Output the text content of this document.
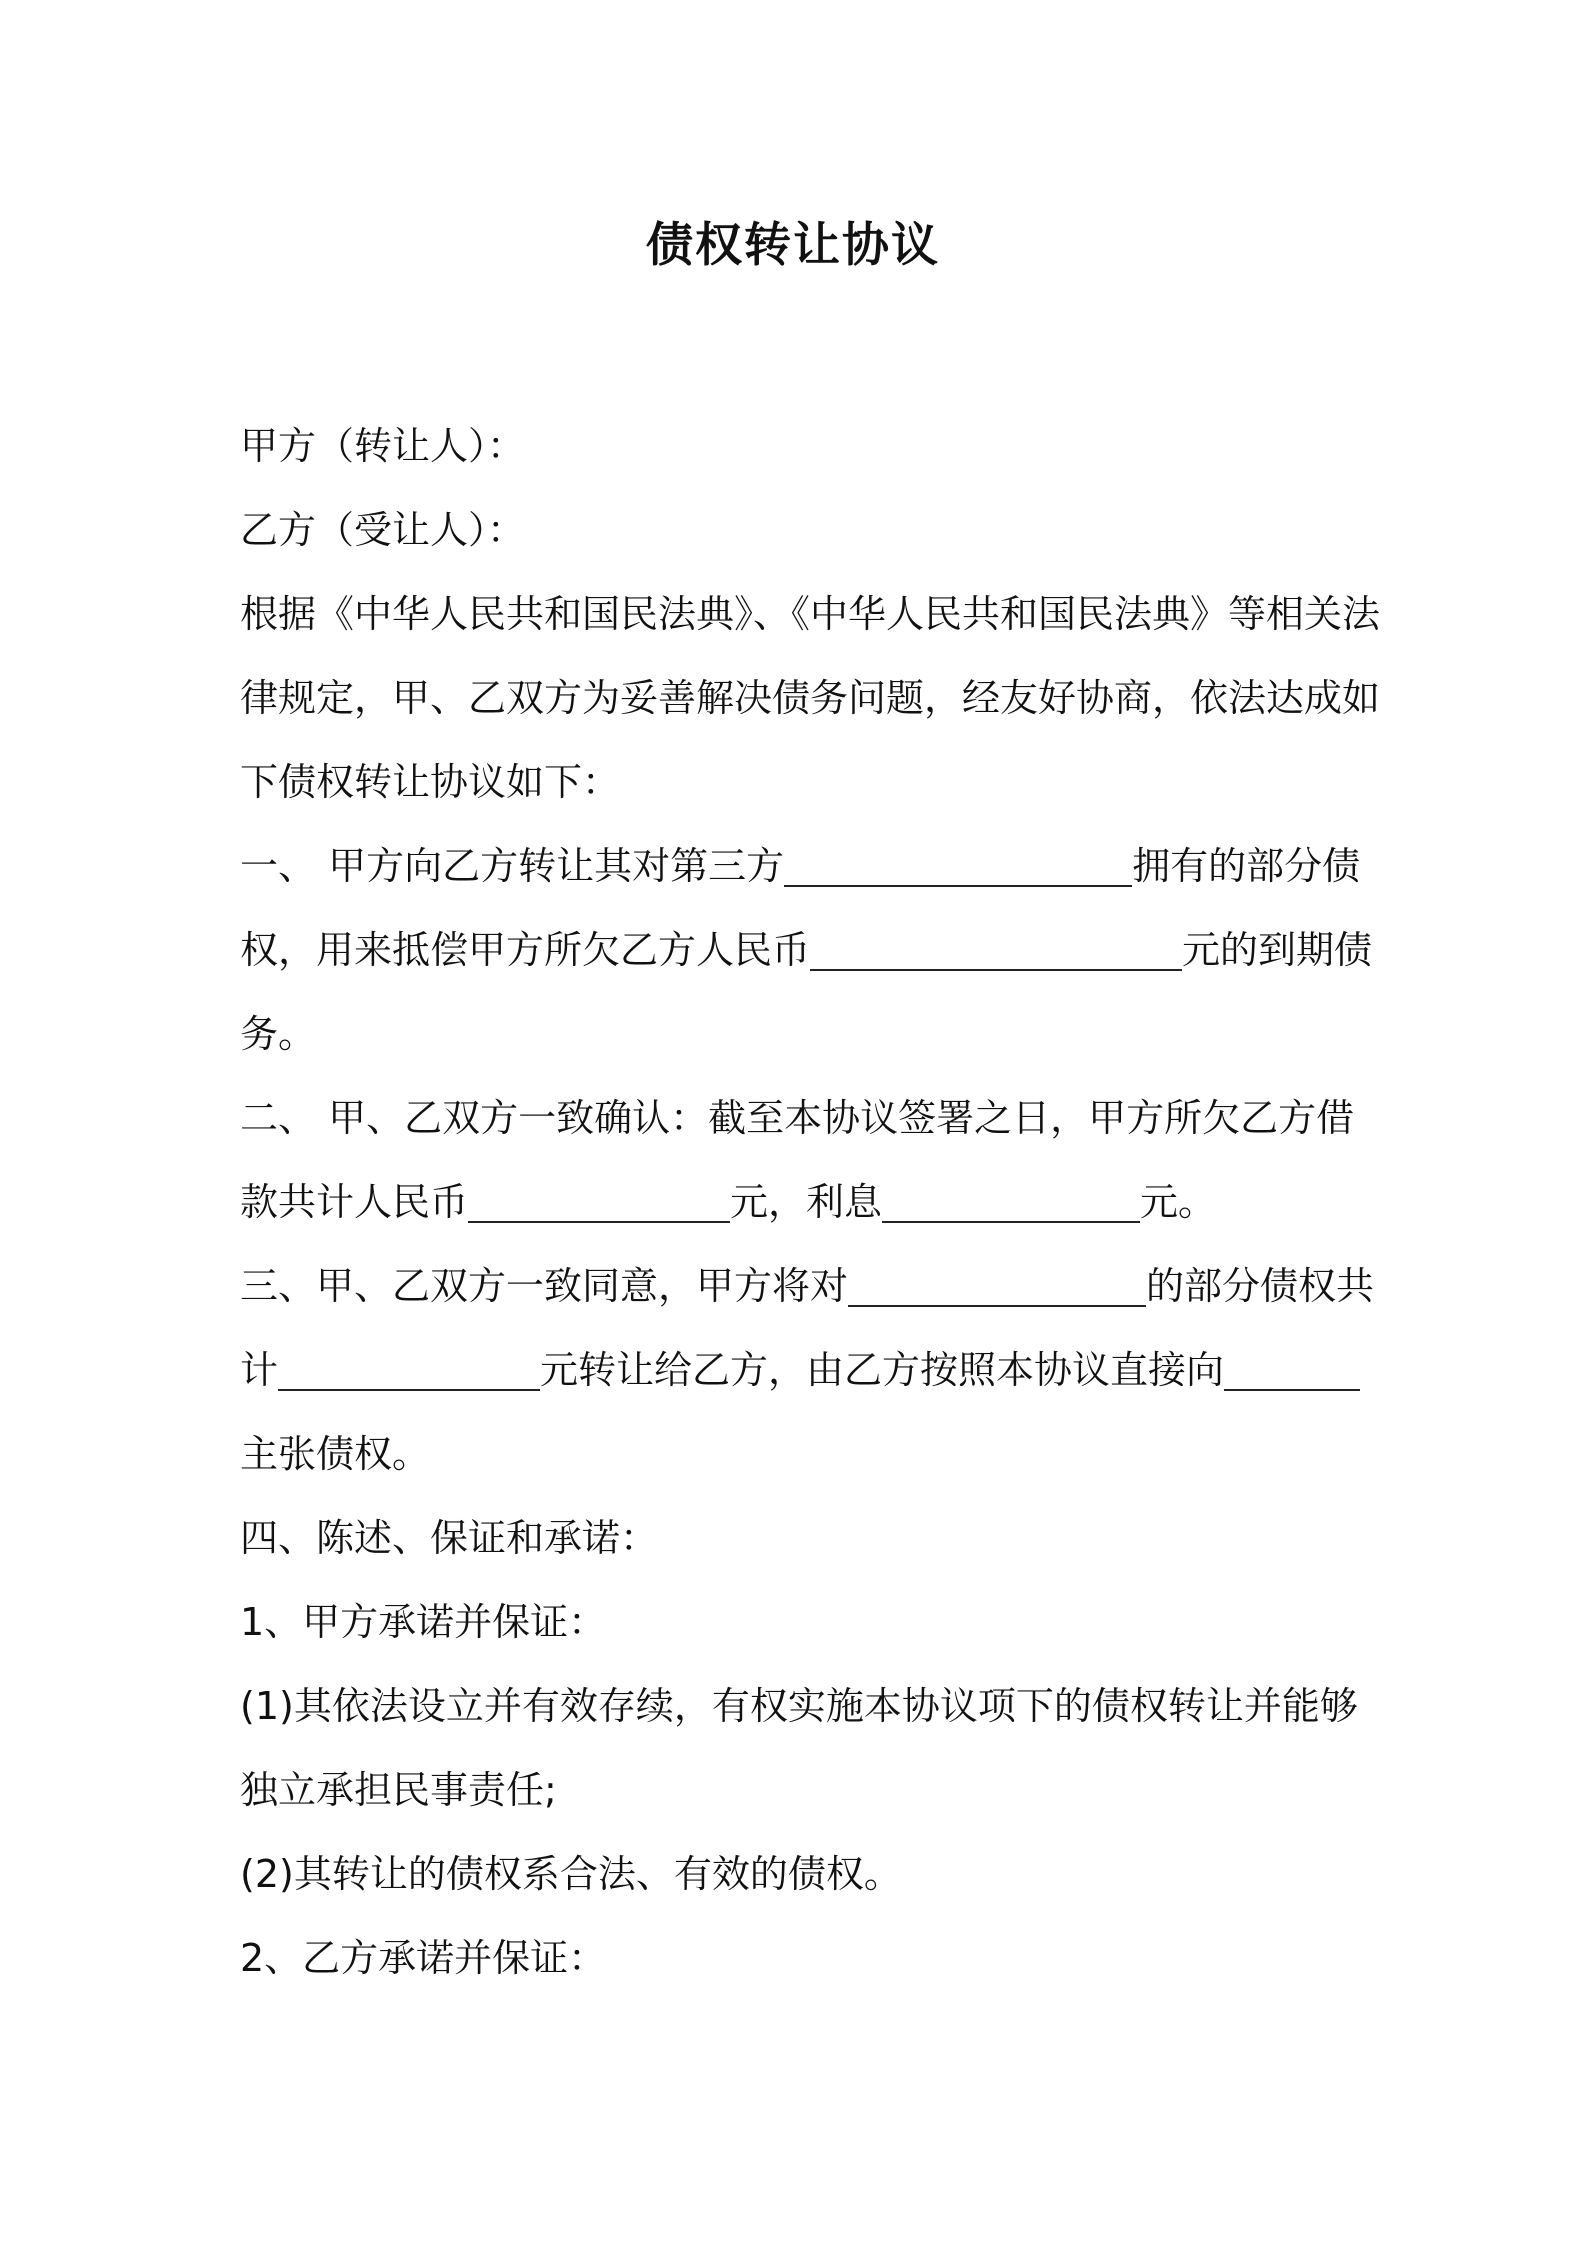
债权转让协议
甲方（转让人）：
乙方（受让人）：
根据《中华人民共和国民法典》、《中华人民共和国民法典》等相关法
律规定，甲、乙双方为妥善解决债务问题，经友好协商，依法达成如
下债权转让协议如下：
一、 甲方向乙方转让其对第三方	拥有的部分债
权，用来抵偿甲方所欠乙方人民币	元的到期债
务。
二、 甲、乙双方一致确认：截至本协议签署之日，甲方所欠乙方借
款共计人民币	元，利息	元。
三、甲、乙双方一致同意，甲方将对	的部分债权共
计	元转让给乙方，由乙方按照本协议直接向
主张债权。
四、陈述、保证和承诺：
1、甲方承诺并保证：
(1)其依法设立并有效存续，有权实施本协议项下的债权转让并能够
独立承担民事责任;
(2)其转让的债权系合法、有效的债权。
2、乙方承诺并保证：
